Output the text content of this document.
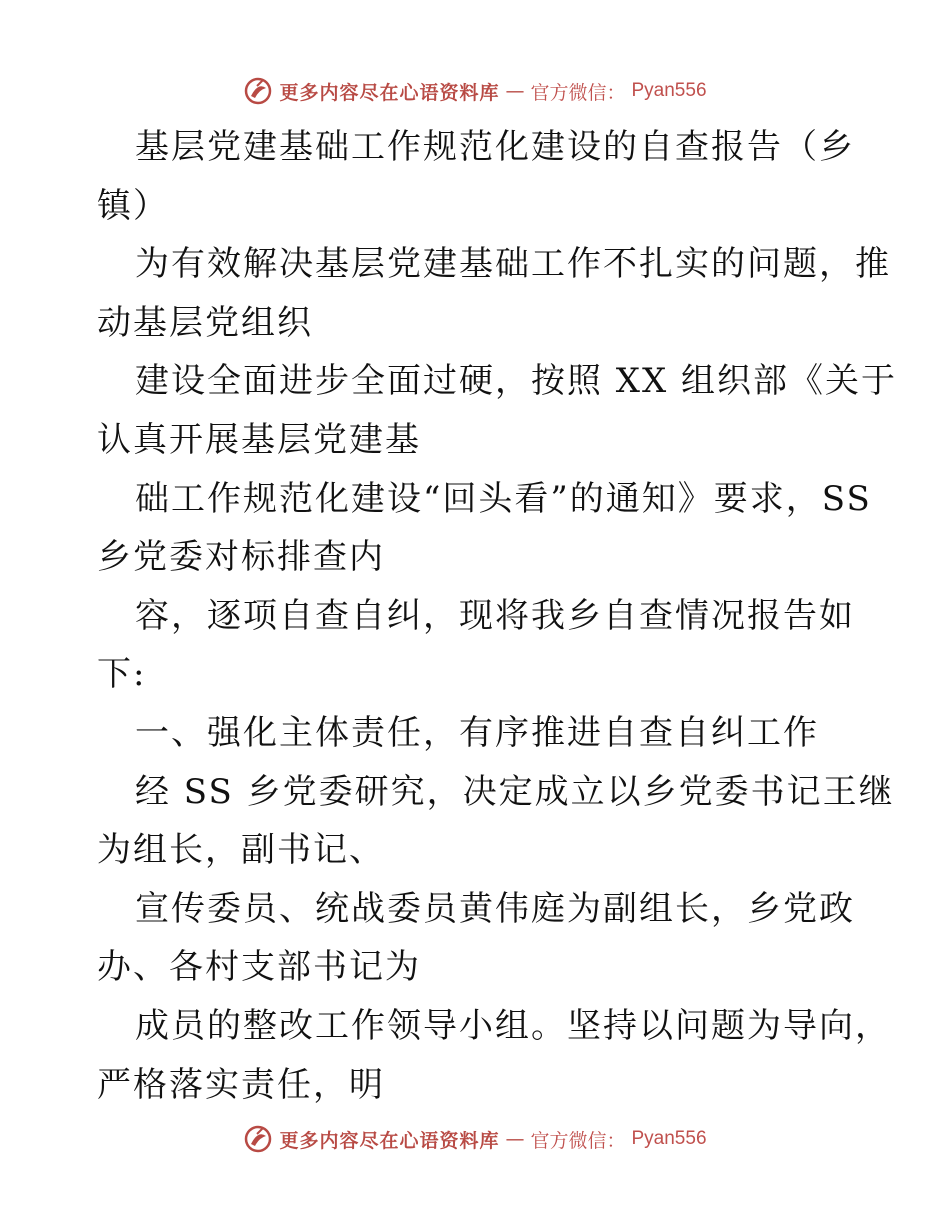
更多内容尽在心语资料库 — 官方微信： Pyan556
基层党建基础工作规范化建设的自查报告（乡
镇）
为有效解决基层党建基础工作不扎实的问题，推
动基层党组织
建设全面进步全面过硬，按照 XX 组织部《关于
认真开展基层党建基
础工作规范化建设“回头看”的通知》要求，SS
乡党委对标排查内
容，逐项自查自纠，现将我乡自查情况报告如
下:
一、强化主体责任，有序推进自查自纠工作
经 SS 乡党委研究，决定成立以乡党委书记王继
为组长，副书记、
宣传委员、统战委员黄伟庭为副组长，乡党政
办、各村支部书记为
成员的整改工作领导小组。坚持以问题为导向，
严格落实责任，明
更多内容尽在心语资料库 — 官方微信： Pyan556
